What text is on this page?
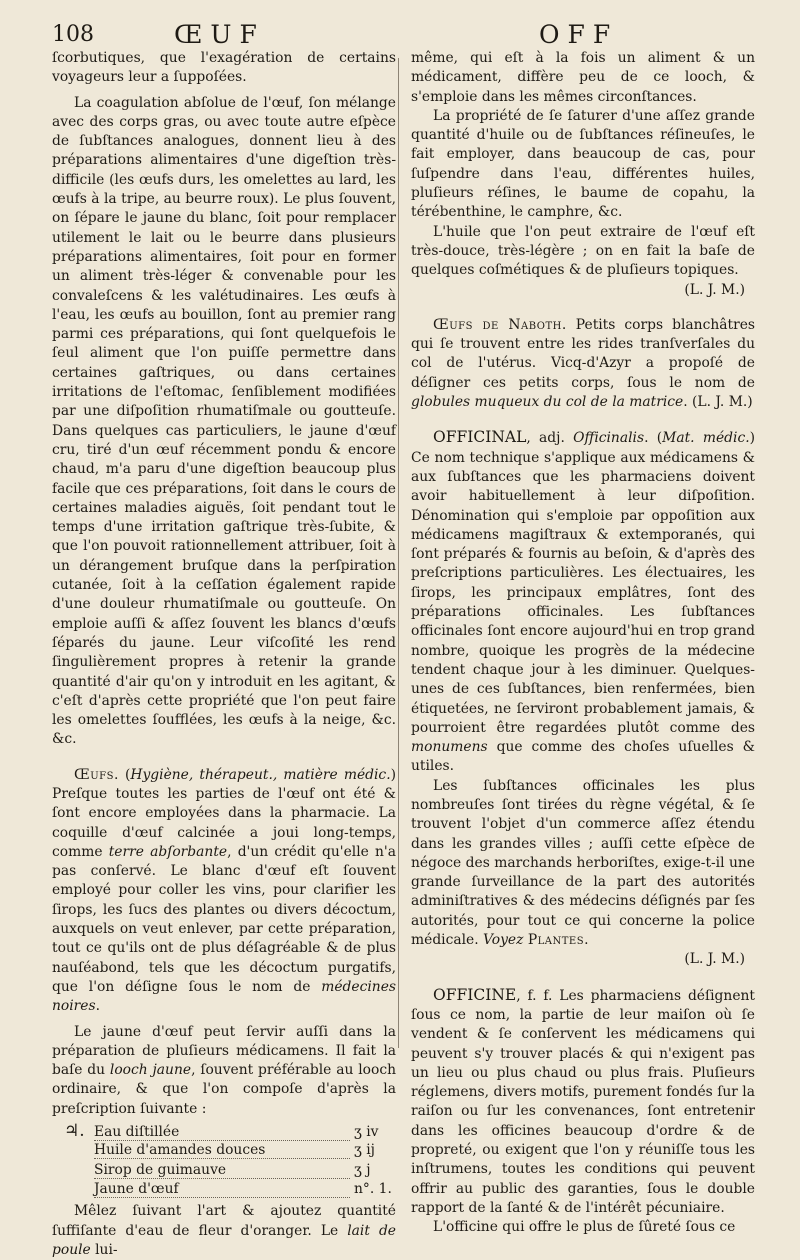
108	ŒUF	OFF

ſcorbutiques, que l'exagération de certains voyageurs leur a ſuppoſées.

La coagulation abſolue de l'œuf, ſon mélange avec des corps gras, ou avec toute autre eſpèce de ſubſtances analogues, donnent lieu à des préparations alimentaires d'une digeſtion très-difficile (les œufs durs, les omelettes au lard, les œufs à la tripe, au beurre roux). Le plus ſouvent, on ſépare le jaune du blanc, ſoit pour remplacer utilement le lait ou le beurre dans plusieurs préparations alimentaires, ſoit pour en former un aliment très-léger & convenable pour les convaleſcens & les valétudinaires. Les œufs à l'eau, les œufs au bouillon, ſont au premier rang parmi ces préparations, qui ſont quelquefois le ſeul aliment que l'on puiſſe permettre dans certaines gaſtriques, ou dans certaines irritations de l'eſtomac, ſenſiblement modifiées par une diſpoſition rhumatiſmale ou goutteuſe. Dans quelques cas particuliers, le jaune d'œuf cru, tiré d'un œuf récemment pondu & encore chaud, m'a paru d'une digeſtion beaucoup plus facile que ces préparations, ſoit dans le cours de certaines maladies aiguës, ſoit pendant tout le temps d'une irritation gaſtrique très-ſubite, & que l'on pouvoit rationnellement attribuer, ſoit à un dérangement bruſque dans la perſpiration cutanée, ſoit à la ceſſation également rapide d'une douleur rhumatiſmale ou goutteuſe. On emploie auſſi & aſſez ſouvent les blancs d'œufs ſéparés du jaune. Leur viſcoſité les rend ſingulièrement propres à retenir la grande quantité d'air qu'on y introduit en les agitant, & c'eſt d'après cette propriété que l'on peut faire les omelettes ſoufflées, les œufs à la neige, &c. &c.

Œufs. (Hygiène, thérapeut., matière médic.) Preſque toutes les parties de l'œuf ont été & ſont encore employées dans la pharmacie. La coquille d'œuf calcinée a joui long-temps, comme terre abſorbante, d'un crédit qu'elle n'a pas conſervé. Le blanc d'œuf eſt ſouvent employé pour coller les vins, pour clarifier les ſirops, les ſucs des plantes ou divers décoctum, auxquels on veut enlever, par cette préparation, tout ce qu'ils ont de plus déſagréable & de plus nauſéabond, tels que les décoctum purgatifs, que l'on déſigne ſous le nom de médecines noires.

Le jaune d'œuf peut ſervir auſſi dans la préparation de pluſieurs médicamens. Il fait la baſe du looch jaune, ſouvent préférable au looch ordinaire, & que l'on compoſe d'après la preſcription ſuivante :

♃. Eau diſtillée	ʒ iv
Huile d'amandes douces	ʒ ij
Sirop de guimauve	ʒ j
Jaune d'œuf	n°. 1.

Mêlez ſuivant l'art & ajoutez quantité ſuffiſante d'eau de fleur d'oranger. Le lait de poule lui-

même, qui eſt à la fois un aliment & un médicament, diffère peu de ce looch, & s'emploie dans les mêmes circonſtances.

La propriété de ſe ſaturer d'une aſſez grande quantité d'huile ou de ſubſtances réſineuſes, le fait employer, dans beaucoup de cas, pour ſuſpendre dans l'eau, différentes huiles, pluſieurs réſines, le baume de copahu, la térébenthine, le camphre, &c.

L'huile que l'on peut extraire de l'œuf eſt très-douce, très-légère ; on en fait la baſe de quelques coſmétiques & de pluſieurs topiques.

(L. J. M.)

Œufs de Naboth. Petits corps blanchâtres qui ſe trouvent entre les rides tranſverſales du col de l'utérus. Vicq-d'Azyr a propoſé de déſigner ces petits corps, ſous le nom de globules muqueux du col de la matrice. (L. J. M.)

OFFICINAL, adj. Officinalis. (Mat. médic.) Ce nom technique s'applique aux médicamens & aux ſubſtances que les pharmaciens doivent avoir habituellement à leur diſpoſition. Dénomination qui s'emploie par oppoſition aux médicamens magiſtraux & extemporanés, qui ſont préparés & fournis au beſoin, & d'après des preſcriptions particulières. Les électuaires, les ſirops, les principaux emplâtres, ſont des préparations officinales. Les ſubſtances officinales ſont encore aujourd'hui en trop grand nombre, quoique les progrès de la médecine tendent chaque jour à les diminuer. Quelques-unes de ces ſubſtances, bien renfermées, bien étiquetées, ne ſerviront probablement jamais, & pourroient être regardées plutôt comme des monumens que comme des choſes uſuelles & utiles.

Les ſubſtances officinales les plus nombreuſes ſont tirées du règne végétal, & ſe trouvent l'objet d'un commerce aſſez étendu dans les grandes villes ; auſſi cette eſpèce de négoce des marchands herboriſtes, exige-t-il une grande ſurveillance de la part des autorités adminiſtratives & des médecins déſignés par ſes autorités, pour tout ce qui concerne la police médicale. Voyez Plantes.

(L. J. M.)

OFFICINE, f. f. Les pharmaciens déſignent ſous ce nom, la partie de leur maiſon où ſe vendent & ſe conſervent les médicamens qui peuvent s'y trouver placés & qui n'exigent pas un lieu ou plus chaud ou plus frais. Pluſieurs réglemens, divers motifs, purement fondés ſur la raiſon ou ſur les convenances, ſont entretenir dans les officines beaucoup d'ordre & de propreté, ou exigent que l'on y réuniſſe tous les inſtrumens, toutes les conditions qui peuvent offrir au public des garanties, ſous le double rapport de la ſanté & de l'intérêt pécuniaire.

L'officine qui offre le plus de ſûreté ſous ce
